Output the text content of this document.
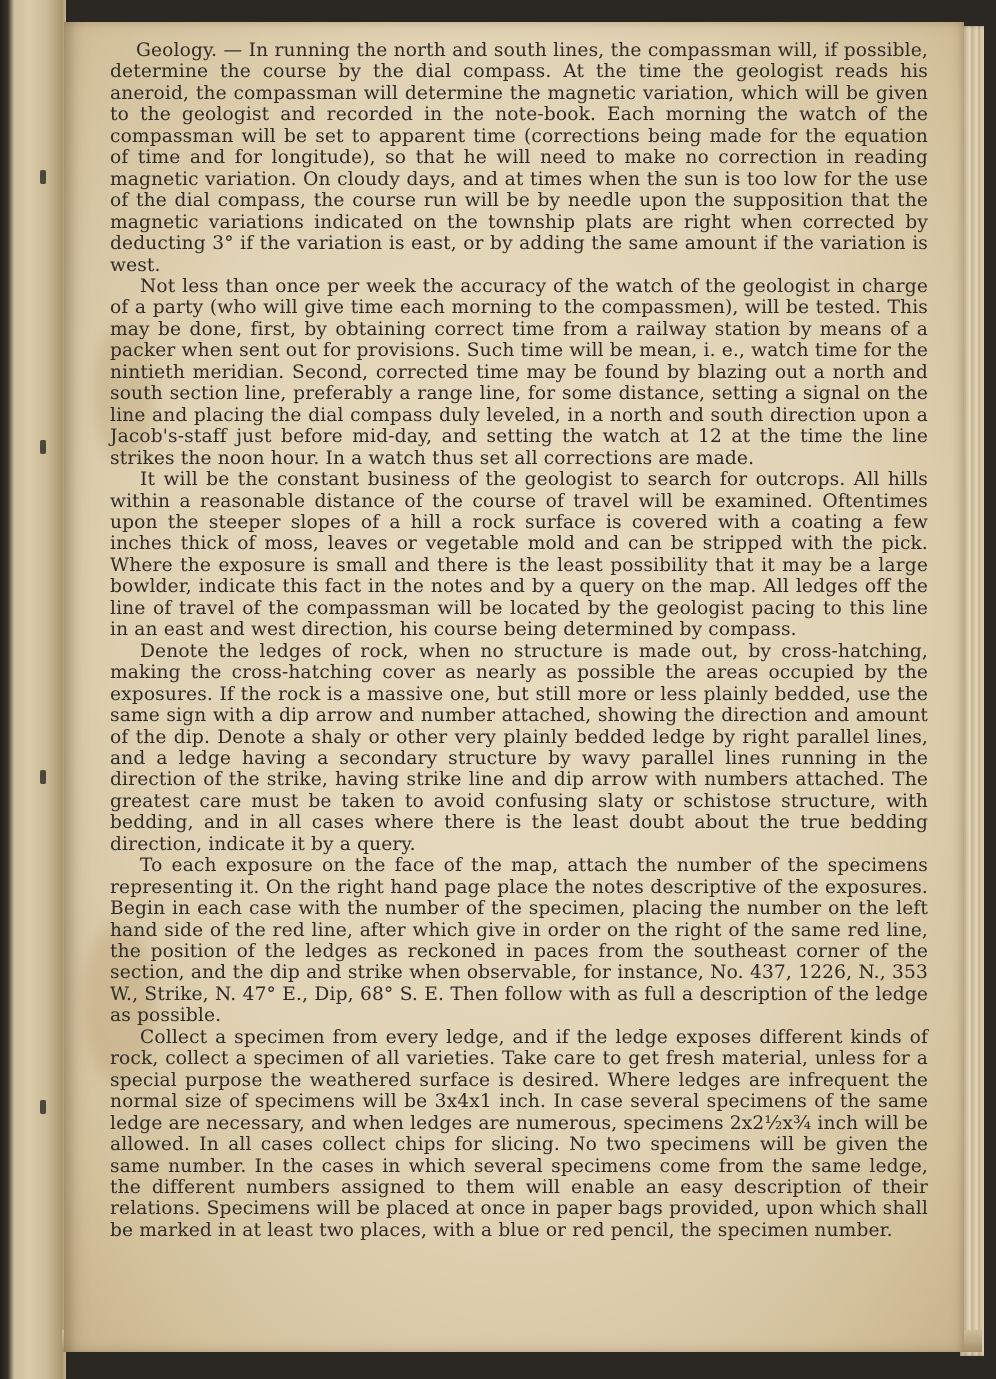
Geology. — In running the north and south lines, the compassman will, if possible, determine the course by the dial compass. At the time the geologist reads his aneroid, the compassman will determine the magnetic variation, which will be given to the geologist and recorded in the note-book. Each morning the watch of the compassman will be set to apparent time (corrections being made for the equation of time and for longitude), so that he will need to make no correction in reading magnetic variation. On cloudy days, and at times when the sun is too low for the use of the dial compass, the course run will be by needle upon the supposition that the magnetic variations indicated on the township plats are right when corrected by deducting 3° if the variation is east, or by adding the same amount if the variation is west.

Not less than once per week the accuracy of the watch of the geologist in charge of a party (who will give time each morning to the compassmen), will be tested. This may be done, first, by obtaining correct time from a railway station by means of a packer when sent out for provisions. Such time will be mean, i. e., watch time for the nintieth meridian. Second, corrected time may be found by blazing out a north and south section line, preferably a range line, for some distance, setting a signal on the line and placing the dial compass duly leveled, in a north and south direction upon a Jacob's-staff just before mid-day, and setting the watch at 12 at the time the line strikes the noon hour. In a watch thus set all corrections are made.

It will be the constant business of the geologist to search for outcrops. All hills within a reasonable distance of the course of travel will be examined. Oftentimes upon the steeper slopes of a hill a rock surface is covered with a coating a few inches thick of moss, leaves or vegetable mold and can be stripped with the pick. Where the exposure is small and there is the least possibility that it may be a large bowlder, indicate this fact in the notes and by a query on the map. All ledges off the line of travel of the compassman will be located by the geologist pacing to this line in an east and west direction, his course being determined by compass.

Denote the ledges of rock, when no structure is made out, by cross-hatching, making the cross-hatching cover as nearly as possible the areas occupied by the exposures. If the rock is a massive one, but still more or less plainly bedded, use the same sign with a dip arrow and number attached, showing the direction and amount of the dip. Denote a shaly or other very plainly bedded ledge by right parallel lines, and a ledge having a secondary structure by wavy parallel lines running in the direction of the strike, having strike line and dip arrow with numbers attached. The greatest care must be taken to avoid confusing slaty or schistose structure, with bedding, and in all cases where there is the least doubt about the true bedding direction, indicate it by a query.

To each exposure on the face of the map, attach the number of the specimens representing it. On the right hand page place the notes descriptive of the exposures. Begin in each case with the number of the specimen, placing the number on the left hand side of the red line, after which give in order on the right of the same red line, the position of the ledges as reckoned in paces from the southeast corner of the section, and the dip and strike when observable, for instance, No. 437, 1226, N., 353 W., Strike, N. 47° E., Dip, 68° S. E. Then follow with as full a description of the ledge as possible.

Collect a specimen from every ledge, and if the ledge exposes different kinds of rock, collect a specimen of all varieties. Take care to get fresh material, unless for a special purpose the weathered surface is desired. Where ledges are infrequent the normal size of specimens will be 3x4x1 inch. In case several specimens of the same ledge are necessary, and when ledges are numerous, specimens 2x2½x¾ inch will be allowed. In all cases collect chips for slicing. No two specimens will be given the same number. In the cases in which several specimens come from the same ledge, the different numbers assigned to them will enable an easy description of their relations. Specimens will be placed at once in paper bags provided, upon which shall be marked in at least two places, with a blue or red pencil, the specimen number.
